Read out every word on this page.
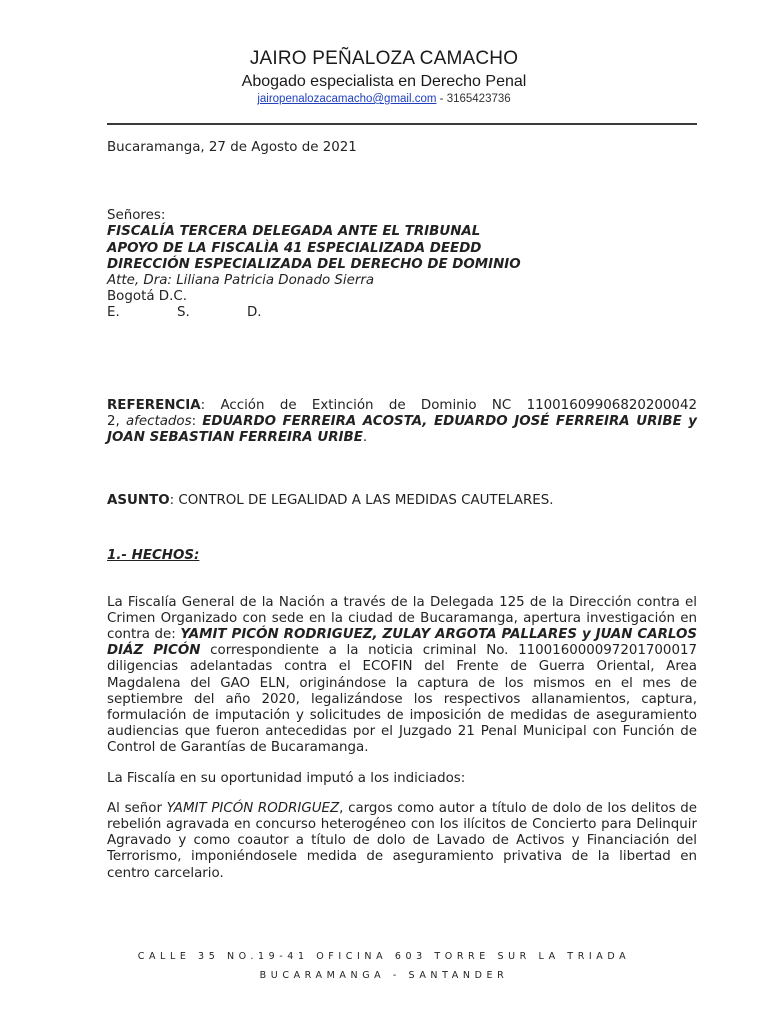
JAIRO PEÑALOZA CAMACHO
Abogado especialista en Derecho Penal
jairopenalozacamacho@gmail.com - 3165423736

Bucaramanga, 27 de Agosto de 2021

Señores:

FISCALÍA TERCERA DELEGADA ANTE EL TRIBUNAL

APOYO DE LA FISCALÌA 41 ESPECIALIZADA DEEDD

DIRECCIÓN ESPECIALIZADA DEL DERECHO DE DOMINIO

Atte, Dra: Liliana Patricia Donado Sierra

Bogotá D.C.

E.	S.	D.

REFERENCIA: Acción de Extinción de Dominio NC 11001609906820200042

2, afectados: EDUARDO FERREIRA ACOSTA, EDUARDO JOSÉ FERREIRA URIBE y JOAN SEBASTIAN FERREIRA URIBE.

ASUNTO: CONTROL DE LEGALIDAD A LAS MEDIDAS CAUTELARES.

1.- HECHOS:

La Fiscalía General de la Nación a través de la Delegada 125 de la Dirección contra el Crimen Organizado con sede en la ciudad de Bucaramanga, apertura investigación en contra de: YAMIT PICÓN RODRIGUEZ, ZULAY ARGOTA PALLARES y JUAN CARLOS DIÁZ PICÓN correspondiente a la noticia criminal No. 110016000097201700017 diligencias adelantadas contra el ECOFIN del Frente de Guerra Oriental, Area Magdalena del GAO ELN, originándose la captura de los mismos en el mes de septiembre del año 2020, legalizándose los respectivos allanamientos, captura, formulación de imputación y solicitudes de imposición de medidas de aseguramiento audiencias que fueron antecedidas por el Juzgado 21 Penal Municipal con Función de Control de Garantías de Bucaramanga.

La Fiscalía en su oportunidad imputó a los indiciados:

Al señor YAMIT PICÓN RODRIGUEZ, cargos como autor a título de dolo de los delitos de rebelión agravada en concurso heterogéneo con los ilícitos de Concierto para Delinquir Agravado y como coautor a título de dolo de Lavado de Activos y Financiación del Terrorismo, imponiéndosele medida de aseguramiento privativa de la libertad en centro carcelario.

CALLE 35 NO.19-41 OFICINA 603 TORRE SUR LA TRIADA
BUCARAMANGA - SANTANDER
